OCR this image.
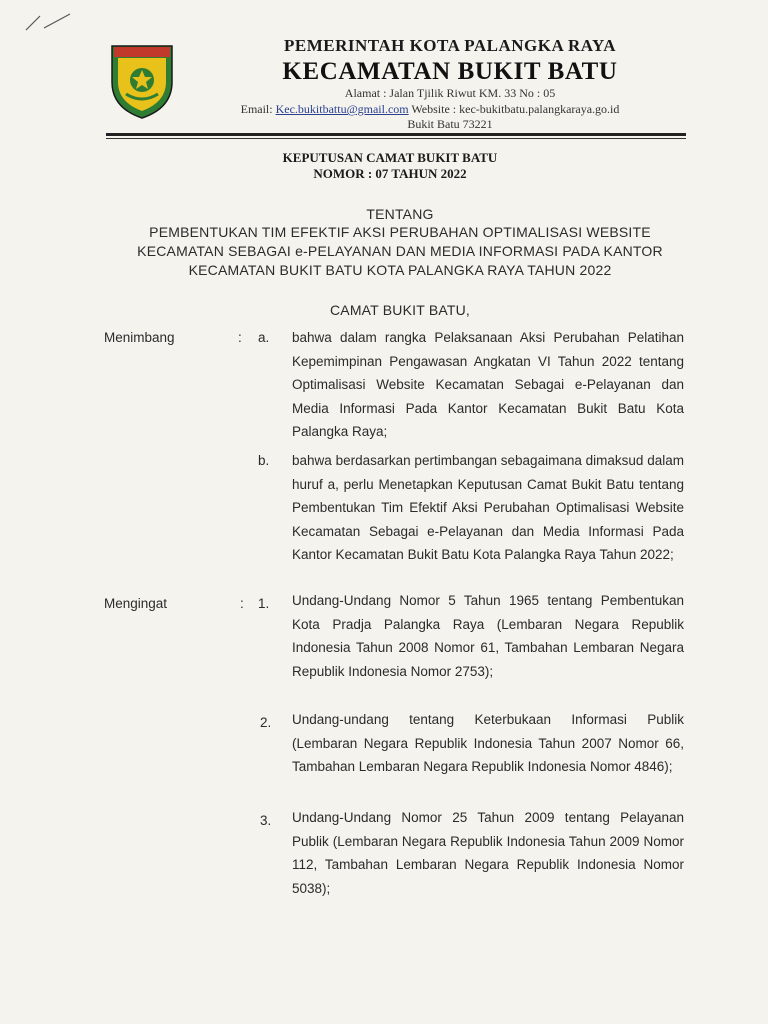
PEMERINTAH KOTA PALANGKA RAYA
KECAMATAN BUKIT BATU
Alamat : Jalan Tjilik Riwut KM. 33 No : 05
Email: Kec.bukitbattu@gmail.com Website : kec-bukitbatu.palangkaraya.go.id
Bukit Batu 73221
KEPUTUSAN CAMAT BUKIT BATU
NOMOR : 07 TAHUN 2022
TENTANG
PEMBENTUKAN TIM EFEKTIF AKSI PERUBAHAN OPTIMALISASI WEBSITE
KECAMATAN SEBAGAI e-PELAYANAN DAN MEDIA INFORMASI PADA KANTOR
KECAMATAN BUKIT BATU KOTA PALANGKA RAYA TAHUN 2022
CAMAT BUKIT BATU,
Menimbang	: a. bahwa dalam rangka Pelaksanaan Aksi Perubahan Pelatihan Kepemimpinan Pengawasan Angkatan VI Tahun 2022 tentang Optimalisasi Website Kecamatan Sebagai e-Pelayanan dan Media Informasi Pada Kantor Kecamatan Bukit Batu Kota Palangka Raya;
b. bahwa berdasarkan pertimbangan sebagaimana dimaksud dalam huruf a, perlu Menetapkan Keputusan Camat Bukit Batu tentang Pembentukan Tim Efektif Aksi Perubahan Optimalisasi Website Kecamatan Sebagai e-Pelayanan dan Media Informasi Pada Kantor Kecamatan Bukit Batu Kota Palangka Raya Tahun 2022;
Mengingat	: 1. Undang-Undang Nomor 5 Tahun 1965 tentang Pembentukan Kota Pradja Palangka Raya (Lembaran Negara Republik Indonesia Tahun 2008 Nomor 61, Tambahan Lembaran Negara Republik Indonesia Nomor 2753);
2. Undang-undang tentang Keterbukaan Informasi Publik (Lembaran Negara Republik Indonesia Tahun 2007 Nomor 66, Tambahan Lembaran Negara Republik Indonesia Nomor 4846);
3. Undang-Undang Nomor 25 Tahun 2009 tentang Pelayanan Publik (Lembaran Negara Republik Indonesia Tahun 2009 Nomor 112, Tambahan Lembaran Negara Republik Indonesia Nomor 5038);
